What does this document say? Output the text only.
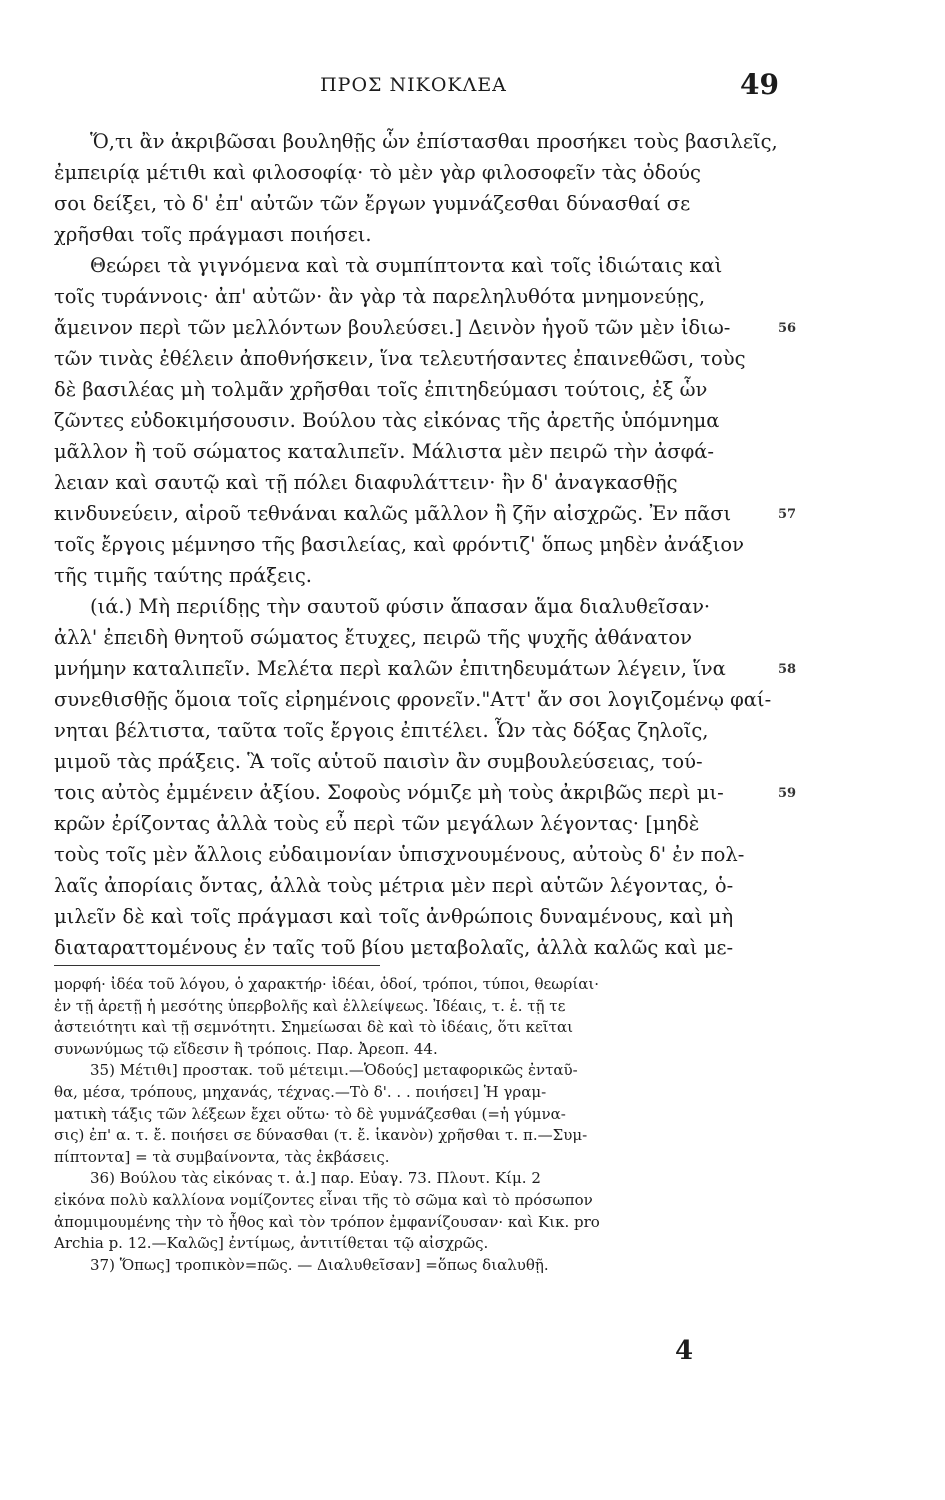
ΠΡΟΣ ΝΙΚΟΚΛΕΑ	49
Ὅ,τι ἂν ἀκριβῶσαι βουληθῇς ὧν ἐπίστασθαι προσήκει τοὺς βασιλεῖς,
ἐμπειρίᾳ μέτιθι καὶ φιλοσοφίᾳ· τὸ μὲν γὰρ φιλοσοφεῖν τὰς ὁδούς
σοι δείξει, τὸ δ' ἐπ' αὐτῶν τῶν ἔργων γυμνάζεσθαι δύνασθαί σε
χρῆσθαι τοῖς πράγμασι ποιήσει.
Θεώρει τὰ γιγνόμενα καὶ τὰ συμπίπτοντα καὶ τοῖς ἰδιώταις καὶ
τοῖς τυράννοις· ἀπ' αὐτῶν· ἂν γὰρ τὰ παρεληλυθότα μνημονεύῃς,
ἄμεινον περὶ τῶν μελλόντων βουλεύσει.] Δεινὸν ἡγοῦ τῶν μὲν ἰδιω-	56
τῶν τινὰς ἐθέλειν ἀποθνήσκειν, ἵνα τελευτήσαντες ἐπαινεθῶσι, τοὺς
δὲ βασιλέας μὴ τολμᾶν χρῆσθαι τοῖς ἐπιτηδεύμασι τούτοις, ἐξ ὧν
ζῶντες εὐδοκιμήσουσιν. Βούλου τὰς εἰκόνας τῆς ἀρετῆς ὑπόμνημα
μᾶλλον ἢ τοῦ σώματος καταλιπεῖν. Μάλιστα μὲν πειρῶ τὴν ἀσφά-
λειαν καὶ σαυτῷ καὶ τῇ πόλει διαφυλάττειν· ἢν δ' ἀναγκασθῇς
κινδυνεύειν, αἱροῦ τεθνάναι καλῶς μᾶλλον ἢ ζῆν αἰσχρῶς. Ἐν πᾶσι	57
τοῖς ἔργοις μέμνησο τῆς βασιλείας, καὶ φρόντιζ' ὅπως μηδὲν ἀνάξιον
τῆς τιμῆς ταύτης πράξεις.
(ιά.) Μὴ περιίδῃς τὴν σαυτοῦ φύσιν ἅπασαν ἅμα διαλυθεῖσαν·
ἀλλ' ἐπειδὴ θνητοῦ σώματος ἔτυχες, πειρῶ τῆς ψυχῆς ἀθάνατον
μνήμην καταλιπεῖν. Μελέτα περὶ καλῶν ἐπιτηδευμάτων λέγειν, ἵνα	58
συνεθισθῇς ὅμοια τοῖς εἰρημένοις φρονεῖν."Αττ' ἄν σοι λογιζομένῳ φαί-
νηται βέλτιστα, ταῦτα τοῖς ἔργοις ἐπιτέλει. Ὧν τὰς δόξας ζηλοῖς,
μιμοῦ τὰς πράξεις. Ἃ τοῖς αὑτοῦ παισὶν ἂν συμβουλεύσειας, τού-
τοις αὐτὸς ἐμμένειν ἀξίου. Σοφοὺς νόμιζε μὴ τοὺς ἀκριβῶς περὶ μι-	59
κρῶν ἐρίζοντας ἀλλὰ τοὺς εὖ περὶ τῶν μεγάλων λέγοντας· [μηδὲ
τοὺς τοῖς μὲν ἄλλοις εὐδαιμονίαν ὑπισχνουμένους, αὐτοὺς δ' ἐν πολ-
λαῖς ἀπορίαις ὄντας, ἀλλὰ τοὺς μέτρια μὲν περὶ αὑτῶν λέγοντας, ὁ-
μιλεῖν δὲ καὶ τοῖς πράγμασι καὶ τοῖς ἀνθρώποις δυναμένους, καὶ μὴ
διαταραττομένους ἐν ταῖς τοῦ βίου μεταβολαῖς, ἀλλὰ καλῶς καὶ με-
μορφή· ἰδέα τοῦ λόγου, ὁ χαρακτήρ· ἰδέαι, ὁδοί, τρόποι, τύποι, θεωρίαι·
ἐν τῇ ἀρετῇ ἡ μεσότης ὑπερβολῆς καὶ ἐλλείψεως. Ἰδέαις, τ. ἑ. τῇ τε
ἀστειότητι καὶ τῇ σεμνότητι. Σημείωσαι δὲ καὶ τὸ ἰδέαις, ὅτι κεῖται
συνωνύμως τῷ εἴδεσιν ἢ τρόποις. Παρ. Ἀρεοπ. 44.
35) Μέτιθι] προστακ. τοῦ μέτειμι.—Ὁδούς] μεταφορικῶς ἐνταῦ-
θα, μέσα, τρόπους, μηχανάς, τέχνας.—Τὸ δ'. . . ποιήσει] Ἡ γραμ-
ματικὴ τάξις τῶν λέξεων ἔχει οὕτω· τὸ δὲ γυμνάζεσθαι (=ἡ γύμνα-
σις) ἐπ' α. τ. ἔ. ποιήσει σε δύνασθαι (τ. ἔ. ἱκανὸν) χρῆσθαι τ. π.—Συμ-
πίπτοντα] = τὰ συμβαίνοντα, τὰς ἐκβάσεις.
36) Βούλου τὰς εἰκόνας τ. ἀ.] παρ. Εὐαγ. 73. Πλουτ. Κίμ. 2
εἰκόνα πολὺ καλλίονα νομίζοντες εἶναι τῆς τὸ σῶμα καὶ τὸ πρόσωπον
ἀπομιμουμένης τὴν τὸ ἦθος καὶ τὸν τρόπον ἐμφανίζουσαν· καὶ Κικ. pro
Archia p. 12.—Καλῶς] ἐντίμως, ἀντιτίθεται τῷ αἰσχρῶς.
37) Ὅπως] τροπικὸν=πῶς. — Διαλυθεῖσαν] =ὅπως διαλυθῇ.
4
